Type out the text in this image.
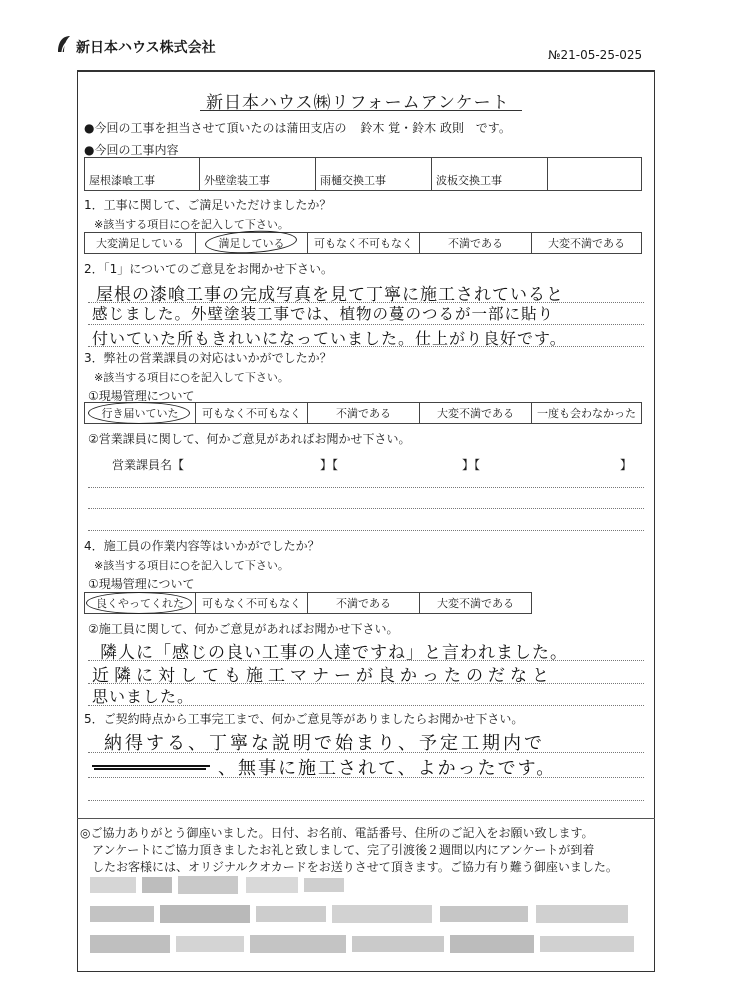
新日本ハウス株式会社	№21-05-25-025
新日本ハウス㈱リフォームアンケート
●今回の工事を担当させて頂いたのは蒲田支店の 鈴木 覚・鈴木 政則 です。
●今回の工事内容
屋根漆喰工事	外壁塗装工事	雨樋交換工事	波板交換工事
1．工事に関して、ご満足いただけましたか？
※該当する項目に○を記入して下さい。
大変満足している	満足している	可もなく不可もなく	不満である	大変不満である
2．「1」についてのご意見をお聞かせ下さい。
屋根の漆喰工事の完成写真を見て丁寧に施工されていると
感じました。外壁塗装工事では、植物の蔓のつるが一部に貼り
付いていた所もきれいになっていました。仕上がり良好です。
3．弊社の営業課員の対応はいかがでしたか？
※該当する項目に○を記入して下さい。
①現場管理について
行き届いていた	可もなく不可もなく	不満である	大変不満である	一度も会わなかった
②営業課員に関して、何かご意見があればお聞かせ下さい。
営業課員名【	】【	】【	】
4．施工員の作業内容等はいかがでしたか？
※該当する項目に○を記入して下さい。
①現場管理について
良くやってくれた	可もなく不可もなく	不満である	大変不満である
②施工員に関して、何かご意見があればお聞かせ下さい。
隣人に「感じの良い工事の人達ですね」と言われました。
近隣に対しても施工マナーが良かったのだなと
思いました。
5．ご契約時点から工事完工まで、何かご意見等がありましたらお聞かせ下さい。
納得する、丁寧な説明で始まり、予定工期内で
、無事に施工されて、よかったです。
◎ご協力ありがとう御座いました。日付、お名前、電話番号、住所のご記入をお願い致します。
　アンケートにご協力頂きましたお礼と致しまして、完了引渡後２週間以内にアンケートが到着
　したお客様には、オリジナルクオカードをお送りさせて頂きます。ご協力有り難う御座いました。
